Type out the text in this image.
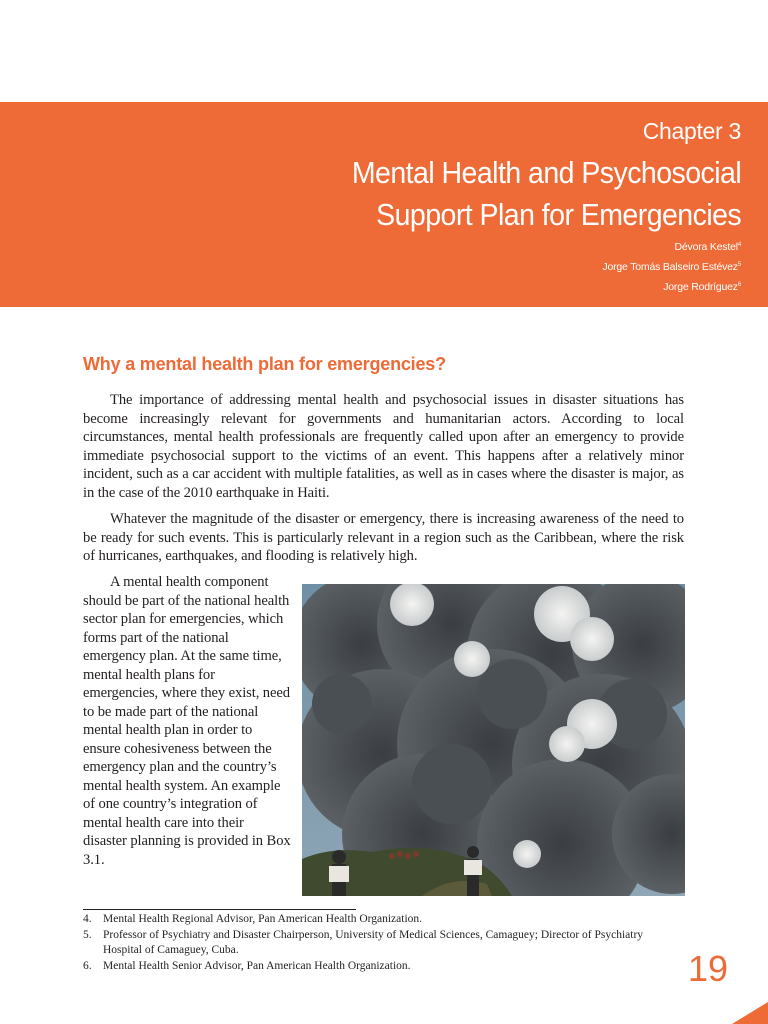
Chapter 3
Mental Health and Psychosocial
Support Plan for Emergencies
Dévora Kestel$^4$
Jorge Tomás Balseiro Estévez$^5$
Jorge Rodríguez$^6$
Why a mental health plan for emergencies?

The importance of addressing mental health and psychosocial issues in disaster situations has become increasingly relevant for governments and humanitarian actors. According to local circumstances, mental health professionals are frequently called upon after an emergency to provide immediate psychosocial support to the victims of an event. This happens after a relatively minor incident, such as a car accident with multiple fatalities, as well as in cases where the disaster is major, as in the case of the 2010 earthquake in Haiti.

Whatever the magnitude of the disaster or emergency, there is increasing awareness of the need to be ready for such events. This is particularly relevant in a region such as the Caribbean, where the risk of hurricanes, earthquakes, and flooding is relatively high.

A mental health component should be part of the national health sector plan for emergencies, which forms part of the national emergency plan. At the same time, mental health plans for emergencies, where they exist, need to be made part of the national mental health plan in order to ensure cohesiveness between the emergency plan and the country’s mental health system. An example of one country’s integration of mental health care into their disaster planning is provided in Box 3.1.

4. Mental Health Regional Advisor, Pan American Health Organization.
5. Professor of Psychiatry and Disaster Chairperson, University of Medical Sciences, Camaguey; Director of Psychiatry Hospital of Camaguey, Cuba.
6. Mental Health Senior Advisor, Pan American Health Organization.	19
